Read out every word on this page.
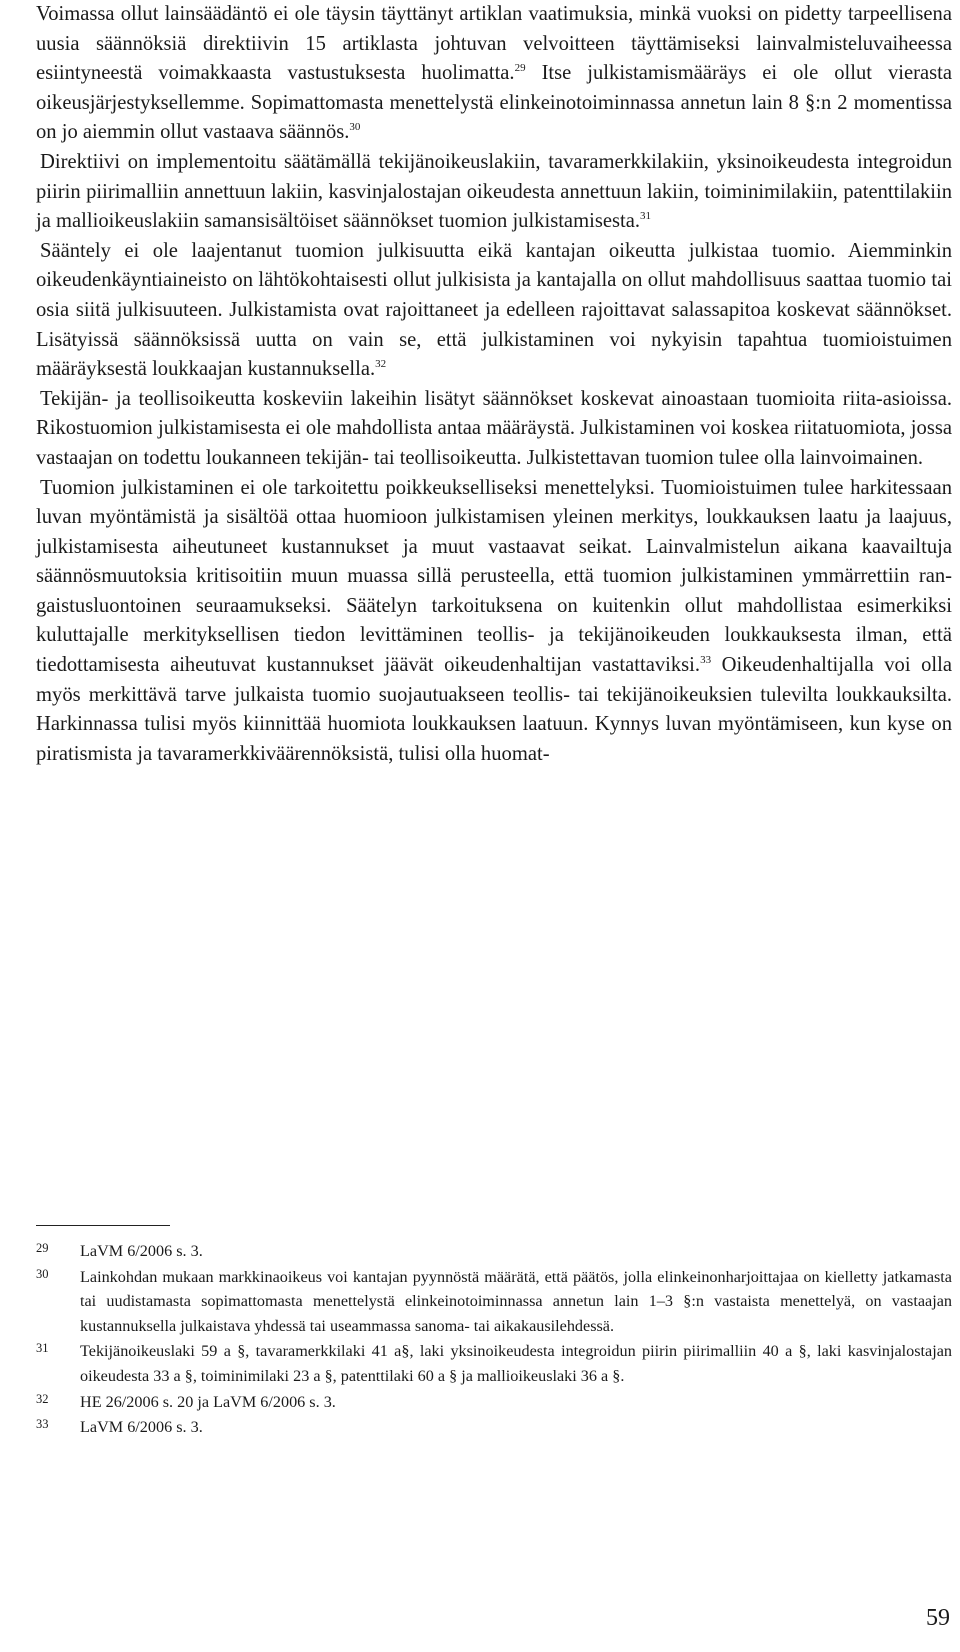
Voimassa ollut lainsäädäntö ei ole täysin täyttänyt artiklan vaatimuksia, minkä vuoksi on pidetty tarpeellisena uusia säännöksiä direktiivin 15 artiklasta johtuvan velvoitteen täyttämiseksi lainvalmisteluvaiheessa esiintyneestä voimakkaasta vastustuksesta huolimatta.$^{29}$ Itse julkistamismääräys ei ole ollut vierasta oikeusjärjestyksellemme. Sopimattomasta menettelystä elinkeinotoiminnassa annetun lain 8 §:n 2 momentissa on jo aiemmin ollut vastaava säännös.$^{30}$

Direktiivi on implementoitu säätämällä tekijänoikeuslakiin, tavaramerkkilakiin, yksinoikeudesta integroidun piirin piirimalliin annettuun lakiin, kasvinjalostajan oikeudesta annettuun lakiin, toiminimilakiin, patenttilakiin ja mallioikeuslakiin samansisältöiset säännökset tuomion julkistamisesta.$^{31}$

Sääntely ei ole laajentanut tuomion julkisuutta eikä kantajan oikeutta julkistaa tuomio. Aiemminkin oikeudenkäyntiaineisto on lähtökohtaisesti ollut julkisista ja kantajalla on ollut mahdollisuus saattaa tuomio tai osia siitä julkisuuteen. Julkistamista ovat rajoittaneet ja edelleen rajoittavat salassapitoa koskevat säännökset. Lisätyissä säännöksissä uutta on vain se, että julkistaminen voi nykyisin tapahtua tuomioistuimen määräyksestä loukkaajan kustannuksella.$^{32}$

Tekijän- ja teollisoikeutta koskeviin lakeihin lisätyt säännökset koskevat ainoastaan tuomioita riita-asioissa. Rikostuomion julkistamisesta ei ole mahdollista antaa määräystä. Julkistaminen voi koskea riitatuomiota, jossa vastaajan on todettu loukanneen tekijän- tai teollisoikeutta. Julkistettavan tuomion tulee olla lainvoimainen.

Tuomion julkistaminen ei ole tarkoitettu poikkeukselliseksi menettelyksi. Tuomioistuimen tulee harkitessaan luvan myöntämistä ja sisältöä ottaa huomioon julkistamisen yleinen merkitys, loukkauksen laatu ja laajuus, julkistamisesta aiheutuneet kustannukset ja muut vastaavat seikat. Lainvalmistelun aikana kaavailtuja säännösmuutoksia kritisoitiin muun muassa sillä perusteella, että tuomion julkistaminen ymmärrettiin rangaistusluontoinen seuraamukseksi. Säätelyn tarkoituksena on kuitenkin ollut mahdollistaa esimerkiksi kuluttajalle merkityksellisen tiedon levittäminen teollis- ja tekijänoikeuden loukkauksesta ilman, että tiedottamisesta aiheutuvat kustannukset jäävät oikeudenhaltijan vastattaviksi.$^{33}$ Oikeudenhaltijalla voi olla myös merkittävä tarve julkaista tuomio suojautuakseen teollis- tai tekijänoikeuksien tulevilta loukkauksilta. Harkinnassa tulisi myös kiinnittää huomiota loukkauksen laatuun. Kynnys luvan myöntämiseen, kun kyse on piratismista ja tavaramerkkiväärennöksistä, tulisi olla huomat-

29 LaVM 6/2006 s. 3.
30 Lainkohdan mukaan markkinaoikeus voi kantajan pyynnöstä määrätä, että päätös, jolla elinkeinonharjoittajaa on kielletty jatkamasta tai uudistamasta sopimattomasta menettelystä elinkeinotoiminnassa annetun lain 1–3 §:n vastaista menettelyä, on vastaajan kustannuksella julkaistava yhdessä tai useammassa sanoma- tai aikakausilehdessä.
31 Tekijänoikeuslaki 59 a §, tavaramerkkilaki 41 a§, laki yksinoikeudesta integroidun piirin piirimalliin 40 a §, laki kasvinjalostajan oikeudesta 33 a §, toiminimilaki 23 a §, patenttilaki 60 a § ja mallioikeuslaki 36 a §.
32 HE 26/2006 s. 20 ja LaVM 6/2006 s. 3.
33 LaVM 6/2006 s. 3.
59
